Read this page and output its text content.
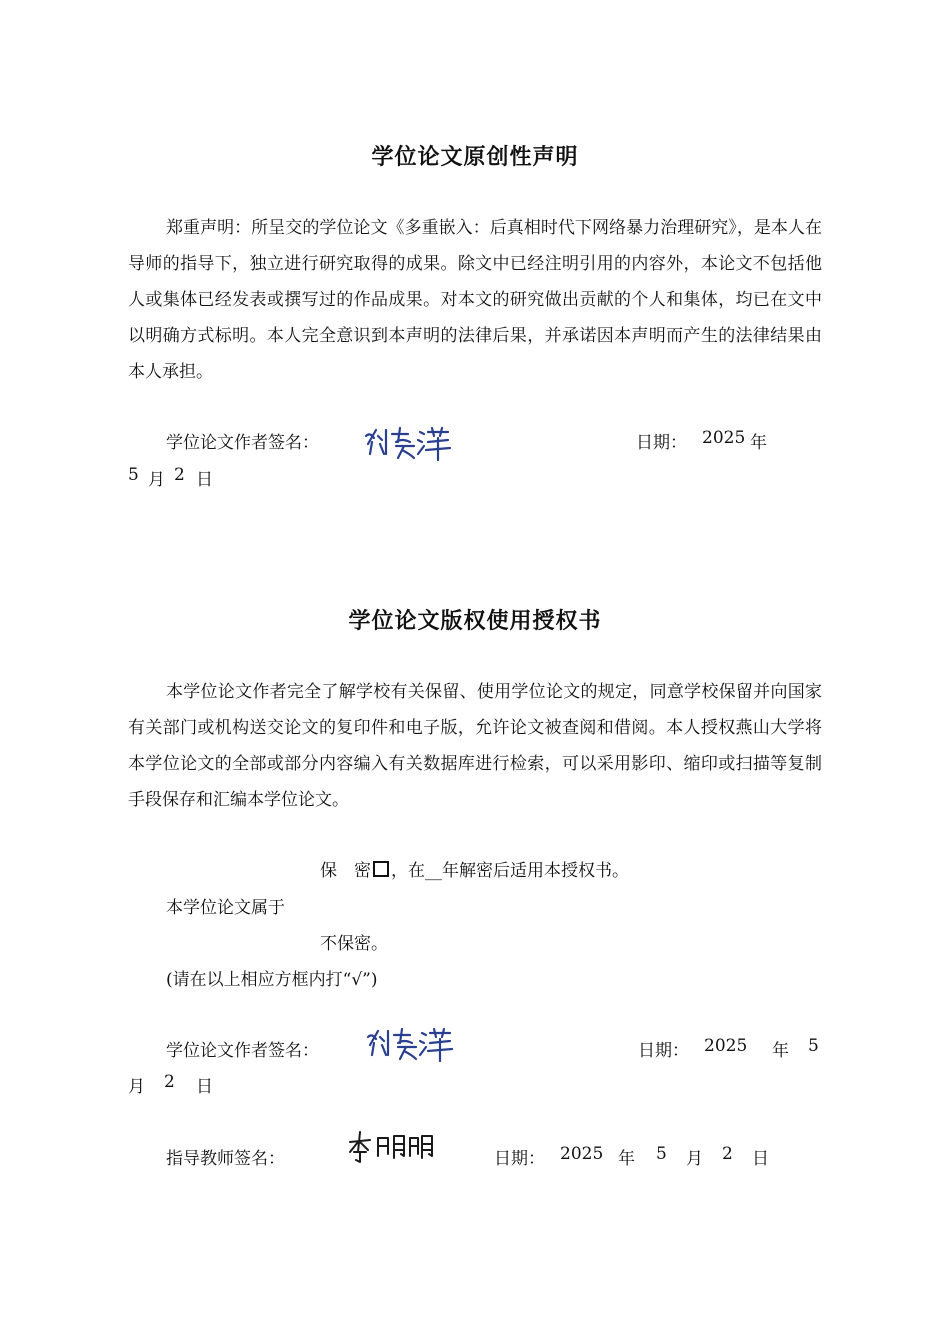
学位论文原创性声明
郑重声明：所呈交的学位论文《多重嵌入：后真相时代下网络暴力治理研究》，是本人在导师的指导下，独立进行研究取得的成果。除文中已经注明引用的内容外，本论文不包括他人或集体已经发表或撰写过的作品成果。对本文的研究做出贡献的个人和集体，均已在文中以明确方式标明。本人完全意识到本声明的法律后果，并承诺因本声明而产生的法律结果由本人承担。
学位论文作者签名：	日期： 2025 年
5 月 2 日
学位论文版权使用授权书
本学位论文作者完全了解学校有关保留、使用学位论文的规定，同意学校保留并向国家有关部门或机构送交论文的复印件和电子版，允许论文被查阅和借阅。本人授权燕山大学将本学位论文的全部或部分内容编入有关数据库进行检索，可以采用影印、缩印或扫描等复制手段保存和汇编本学位论文。
保　密 ，在__年解密后适用本授权书。
本学位论文属于
不保密。
(请在以上相应方框内打“√”)
学位论文作者签名：	日期： 2025 年 5
月 2 日
指导教师签名：	日期： 2025 年 5 月 2 日
